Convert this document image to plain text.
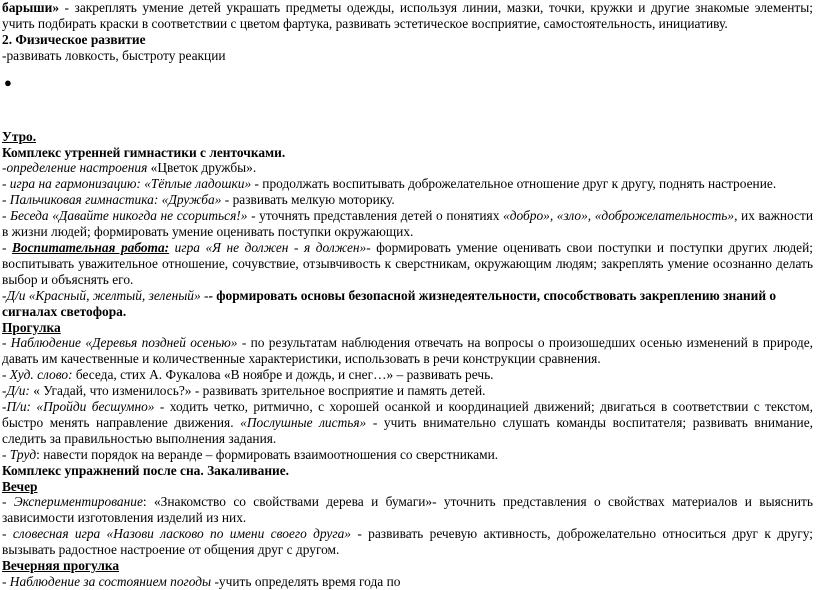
барыши» - закреплять умение детей украшать предметы одежды, используя линии, мазки, точки, кружки и другие знакомые элементы; учить подбирать краски в соответствии с цветом фартука, развивать эстетическое восприятие, самостоятельность, инициативу.

2. Физическое развитие

-развивать ловкость, быстроту реакции

●

Утро.

Комплекс утренней гимнастики с ленточками.

-определение настроения «Цветок дружбы».

- игра на гармонизацию: «Тёплые ладошки» - продолжать воспитывать доброжелательное отношение друг к другу, поднять настроение.

- Пальчиковая гимнастика: «Дружба» - развивать мелкую моторику.

- Беседа «Давайте никогда не ссориться!» - уточнять представления детей о понятиях «добро», «зло», «доброжелательность», их важности в жизни людей; формировать умение оценивать поступки окружающих.

- Воспитательная работа: игра «Я не должен - я должен»- формировать умение оценивать свои поступки и поступки других людей; воспитывать уважительное отношение, сочувствие, отзывчивость к сверстникам, окружающим людям; закреплять умение осознанно делать выбор и объяснять его.

-Д/и «Красный, желтый, зеленый» -- формировать основы безопасной жизнедеятельности, способствовать закреплению знаний о сигналах светофора.

Прогулка

- Наблюдение «Деревья поздней осенью» - по результатам наблюдения отвечать на вопросы о произошедших осенью изменений в природе, давать им качественные и количественные характеристики, использовать в речи конструкции сравнения.

- Худ. слово: беседа, стих А. Фукалова «В ноябре и дождь, и снег…» – развивать речь.

-Д/и: « Угадай, что изменилось?» - развивать зрительное восприятие и память детей.

-П/и: «Пройди бесшумно» - ходить четко, ритмично, с хорошей осанкой и координацией движений; двигаться в соответствии с текстом, быстро менять направление движения. «Послушные листья» - учить внимательно слушать команды воспитателя; развивать внимание, следить за правильностью выполнения задания.

- Труд: навести порядок на веранде – формировать взаимоотношения со сверстниками.

Комплекс упражнений после сна. Закаливание.

Вечер

- Экспериментирование: «Знакомство со свойствами дерева и бумаги»- уточнить представления о свойствах материалов и выяснить зависимости изготовления изделий из них.

- словесная игра «Назови ласково по имени своего друга» - развивать речевую активность, доброжелательно относиться друг к другу; вызывать радостное настроение от общения друг с другом.

Вечерняя прогулка

- Наблюдение за состоянием погоды -учить определять время года по
